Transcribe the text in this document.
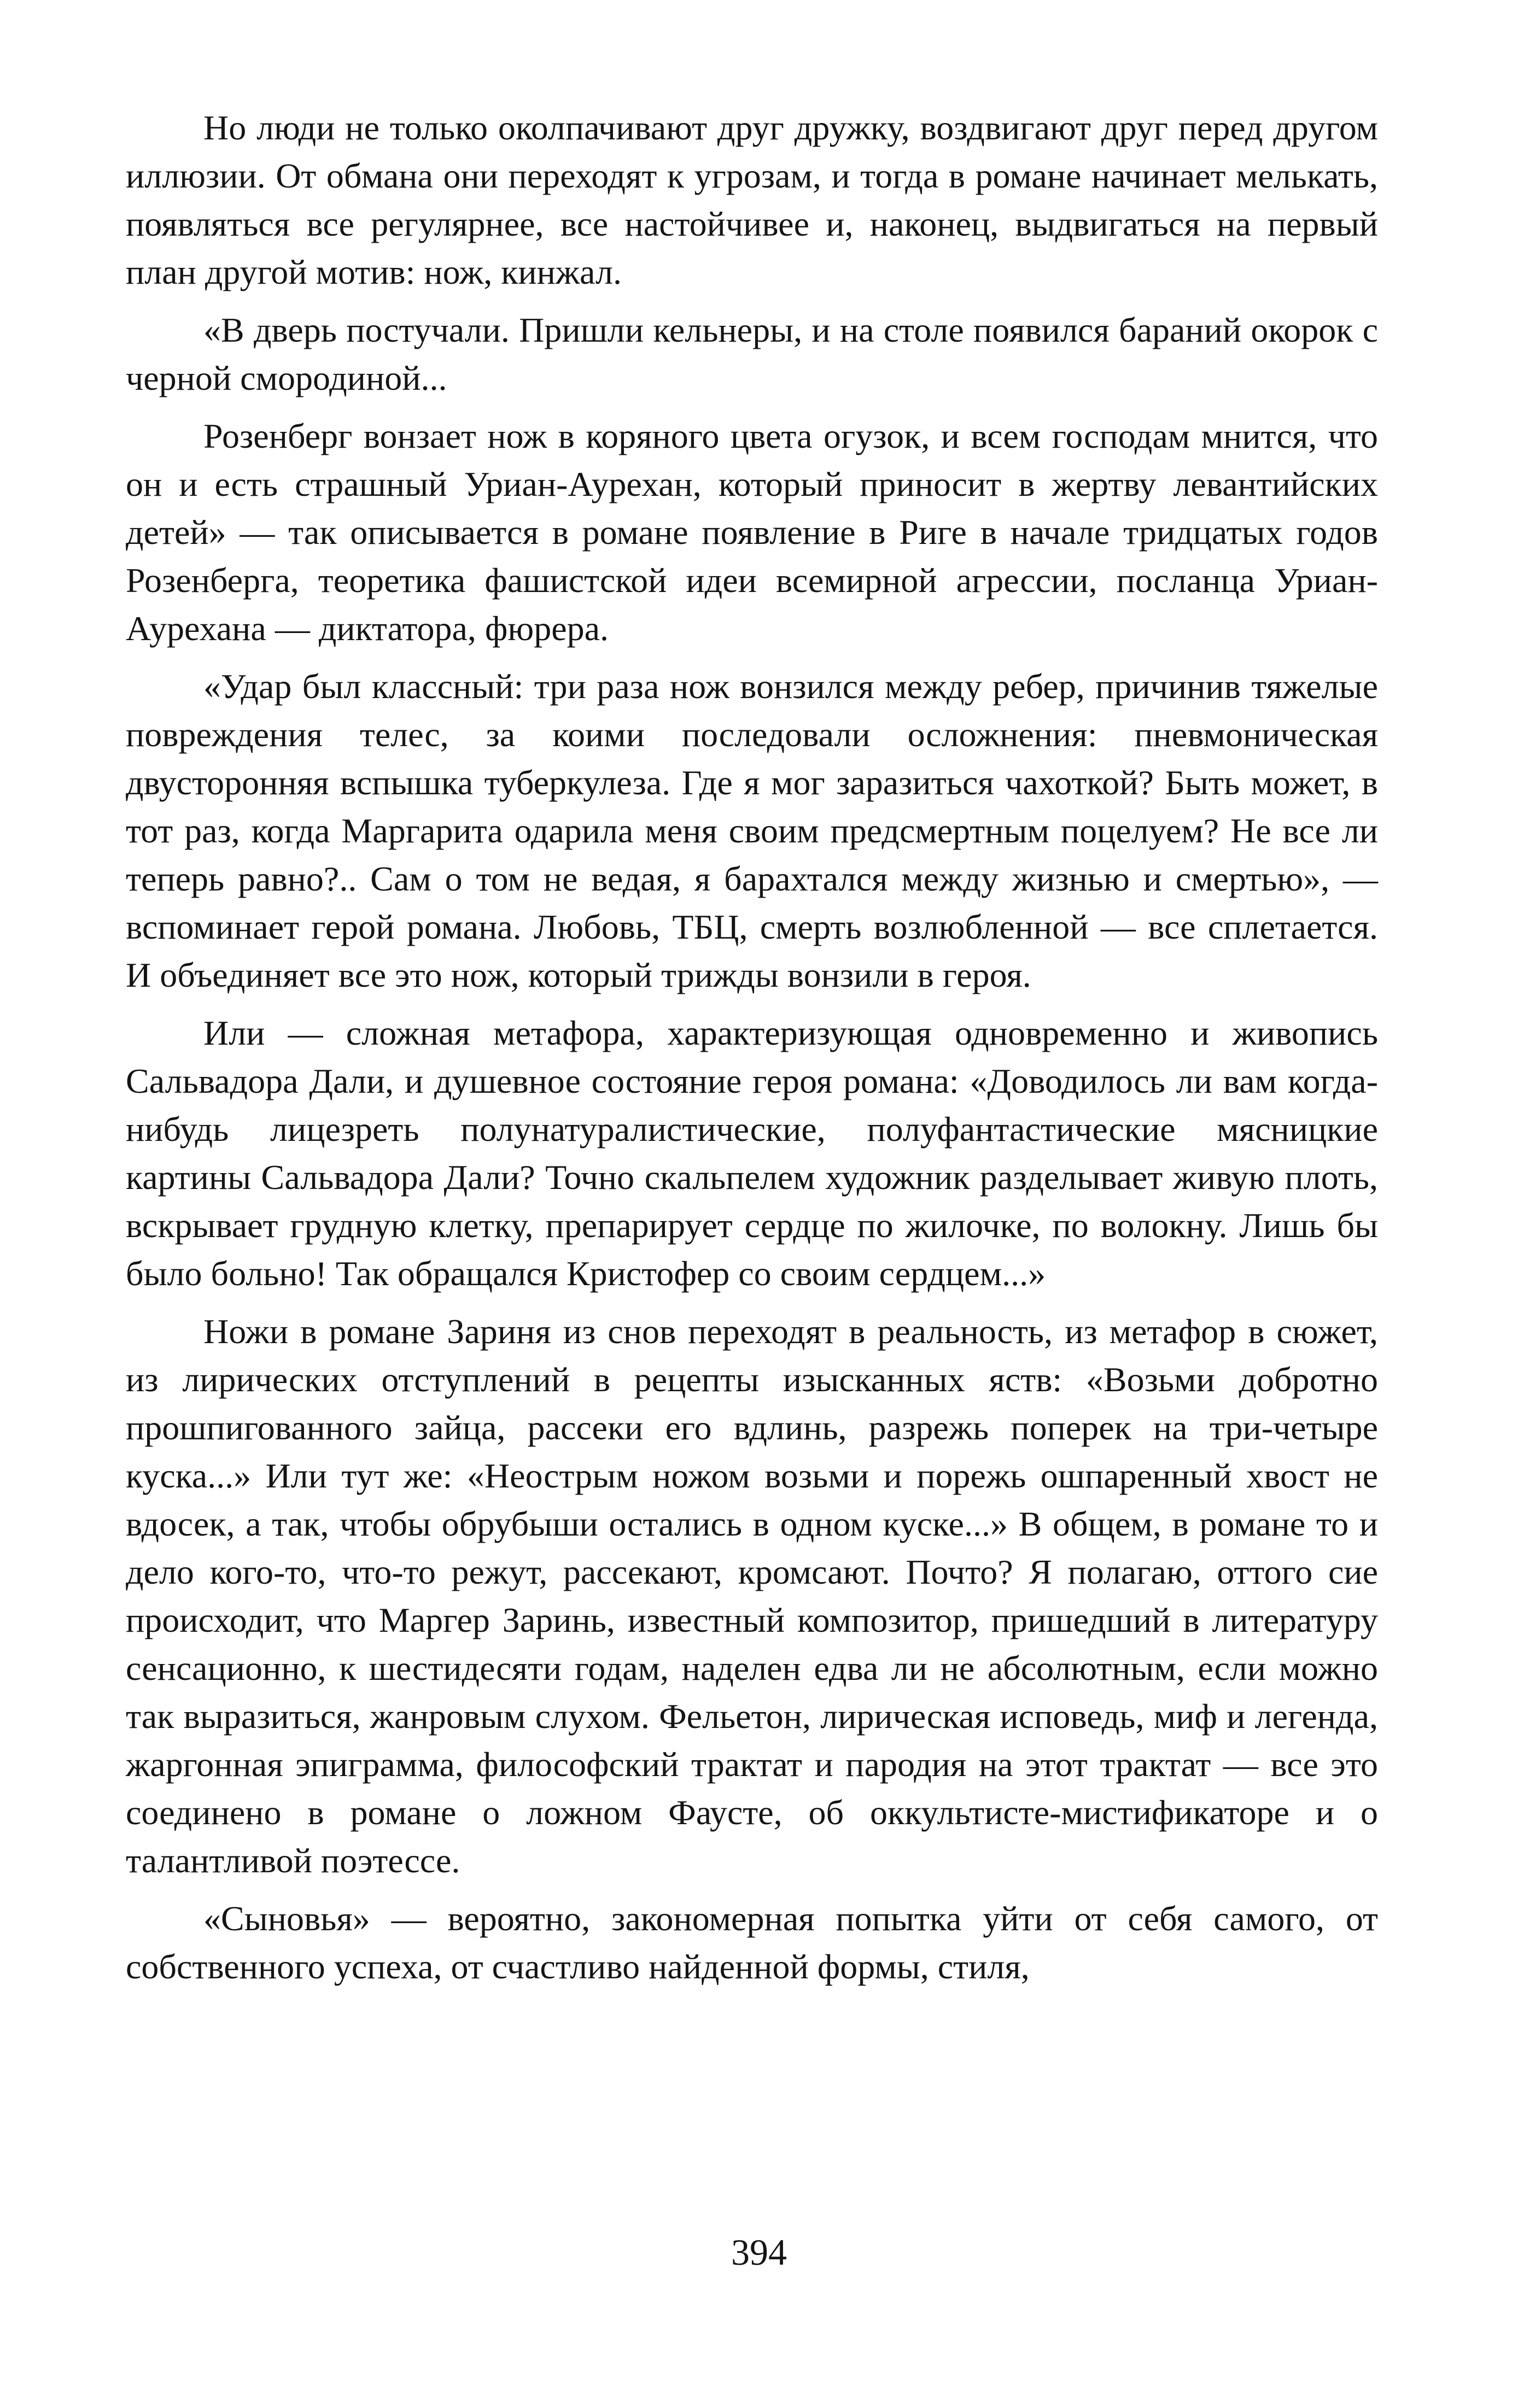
Но люди не только околпачивают друг дружку, воздвигают друг перед другом иллюзии. От обмана они переходят к угрозам, и тогда в романе начинает мелькать, появляться все регулярнее, все настойчивее и, наконец, выдвигаться на первый план другой мотив: нож, кинжал.

«В дверь постучали. Пришли кельнеры, и на столе появился бараний окорок с черной смородиной...

Розенберг вонзает нож в коряного цвета огузок, и всем господам мнится, что он и есть страшный Уриан-Аурехан, который приносит в жертву левантийских детей» — так описывается в романе появление в Риге в начале тридцатых годов Розенберга, теоретика фашистской идеи всемирной агрессии, посланца Уриан-Аурехана — диктатора, фюрера.

«Удар был классный: три раза нож вонзился между ребер, причинив тяжелые повреждения телес, за коими последовали осложнения: пневмоническая двусторонняя вспышка туберкулеза. Где я мог заразиться чахоткой? Быть может, в тот раз, когда Маргарита одарила меня своим предсмертным поцелуем? Не все ли теперь равно?.. Сам о том не ведая, я барахтался между жизнью и смертью», — вспоминает герой романа. Любовь, ТБЦ, смерть возлюбленной — все сплетается. И объединяет все это нож, который трижды вонзили в героя.

Или — сложная метафора, характеризующая одновременно и живопись Сальвадора Дали, и душевное состояние героя романа: «Доводилось ли вам когда-нибудь лицезреть полунатуралистические, полуфантастические мясницкие картины Сальвадора Дали? Точно скальпелем художник разделывает живую плоть, вскрывает грудную клетку, препарирует сердце по жилочке, по волокну. Лишь бы было больно! Так обращался Кристофер со своим сердцем...»

Ножи в романе Зариня из снов переходят в реальность, из метафор в сюжет, из лирических отступлений в рецепты изысканных яств: «Возьми добротно прошпигованного зайца, рассеки его вдлинь, разрежь поперек на три-четыре куска...» Или тут же: «Неострым ножом возьми и порежь ошпаренный хвост не вдосек, а так, чтобы обрубыши остались в одном куске...» В общем, в романе то и дело кого-то, что-то режут, рассекают, кромсают. Почто? Я полагаю, оттого сие происходит, что Маргер Заринь, известный композитор, пришедший в литературу сенсационно, к шестидесяти годам, наделен едва ли не абсолютным, если можно так выразиться, жанровым слухом. Фельетон, лирическая исповедь, миф и легенда, жаргонная эпиграмма, философский трактат и пародия на этот трактат — все это соединено в романе о ложном Фаусте, об оккультисте-мистификаторе и о талантливой поэтессе.

«Сыновья» — вероятно, закономерная попытка уйти от себя самого, от собственного успеха, от счастливо найденной формы, стиля,

394
